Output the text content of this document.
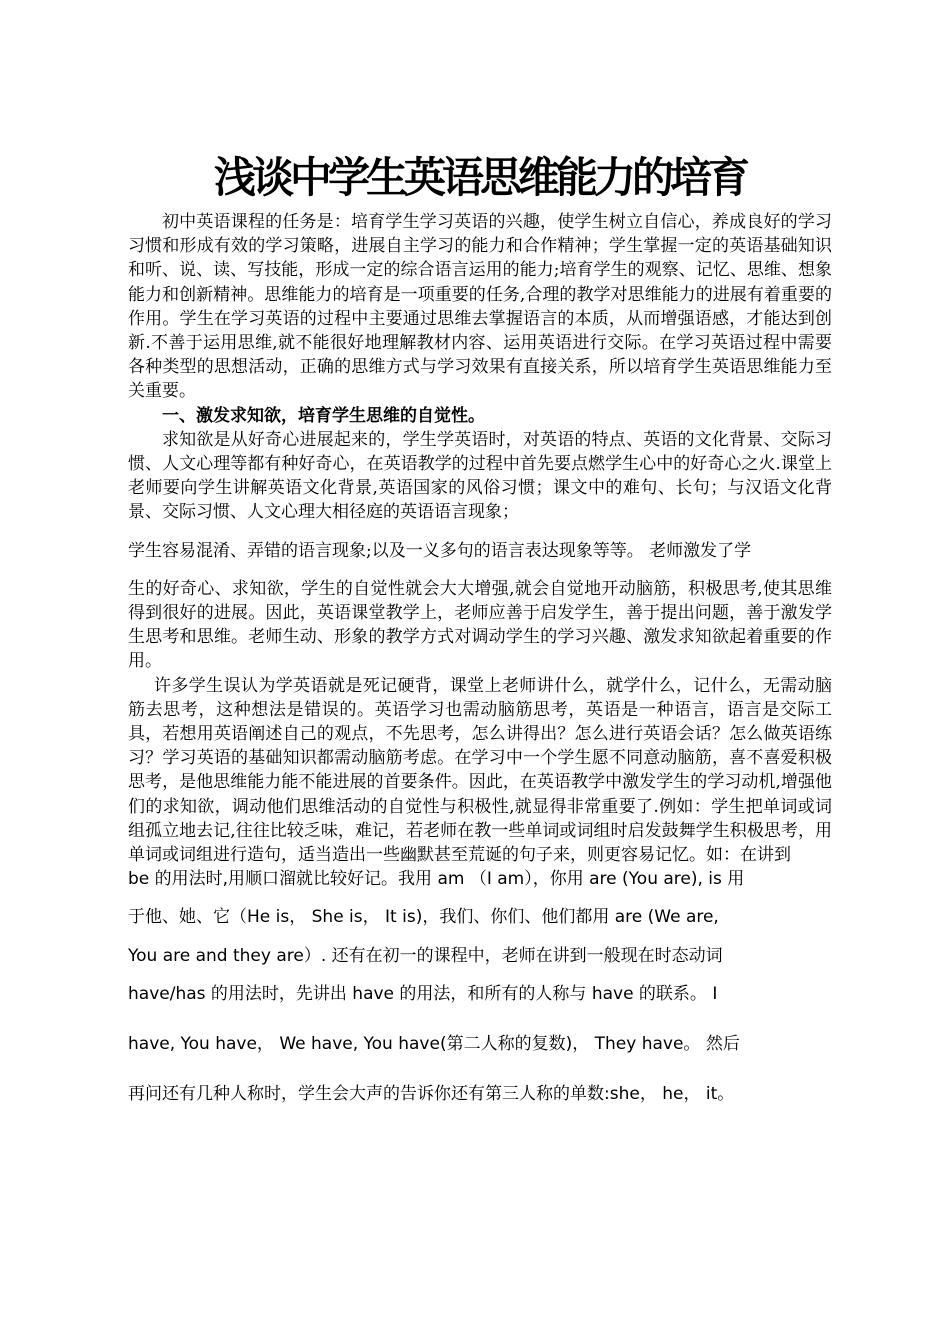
浅谈中学生英语思维能力的培育

初中英语课程的任务是：培育学生学习英语的兴趣，使学生树立自信心，养成良好的学习习惯和形成有效的学习策略，进展自主学习的能力和合作精神；学生掌握一定的英语基础知识和听、说、读、写技能，形成一定的综合语言运用的能力;培育学生的观察、记忆、思维、想象能力和创新精神。思维能力的培育是一项重要的任务,合理的教学对思维能力的进展有着重要的作用。学生在学习英语的过程中主要通过思维去掌握语言的本质，从而增强语感，才能达到创新.不善于运用思维,就不能很好地理解教材内容、运用英语进行交际。在学习英语过程中需要各种类型的思想活动，正确的思维方式与学习效果有直接关系，所以培育学生英语思维能力至关重要。

一、激发求知欲，培育学生思维的自觉性。

求知欲是从好奇心进展起来的，学生学英语时，对英语的特点、英语的文化背景、交际习惯、人文心理等都有种好奇心，在英语教学的过程中首先要点燃学生心中的好奇心之火.课堂上老师要向学生讲解英语文化背景,英语国家的风俗习惯；课文中的难句、长句；与汉语文化背景、交际习惯、人文心理大相径庭的英语语言现象；

学生容易混淆、弄错的语言现象;以及一义多句的语言表达现象等等。 老师激发了学

生的好奇心、求知欲，学生的自觉性就会大大增强,就会自觉地开动脑筋，积极思考,使其思维得到很好的进展。因此，英语课堂教学上，老师应善于启发学生，善于提出问题，善于激发学生思考和思维。老师生动、形象的教学方式对调动学生的学习兴趣、激发求知欲起着重要的作用。

许多学生误认为学英语就是死记硬背，课堂上老师讲什么，就学什么，记什么，无需动脑筋去思考，这种想法是错误的。英语学习也需动脑筋思考，英语是一种语言，语言是交际工具，若想用英语阐述自己的观点，不先思考，怎么讲得出？怎么进行英语会话？怎么做英语练习？学习英语的基础知识都需动脑筋考虑。在学习中一个学生愿不同意动脑筋，喜不喜爱积极思考，是他思维能力能不能进展的首要条件。因此，在英语教学中激发学生的学习动机,增强他们的求知欲，调动他们思维活动的自觉性与积极性,就显得非常重要了.例如：学生把单词或词组孤立地去记,往往比较乏味，难记，若老师在教一些单词或词组时启发鼓舞学生积极思考，用单词或词组进行造句，适当造出一些幽默甚至荒诞的句子来，则更容易记忆。如：在讲到

be 的用法时,用顺口溜就比较好记。我用 am （I am），你用 are (You are), is 用

于他、她、它（He is， She is， It is)，我们、你们、他们都用 are (We are,

You are and they are）. 还有在初一的课程中，老师在讲到一般现在时态动词

have/has 的用法时，先讲出 have 的用法，和所有的人称与 have 的联系。 I

have, You have， We have, You have(第二人称的复数)， They have。 然后

再问还有几种人称时，学生会大声的告诉你还有第三人称的单数:she， he， it。
